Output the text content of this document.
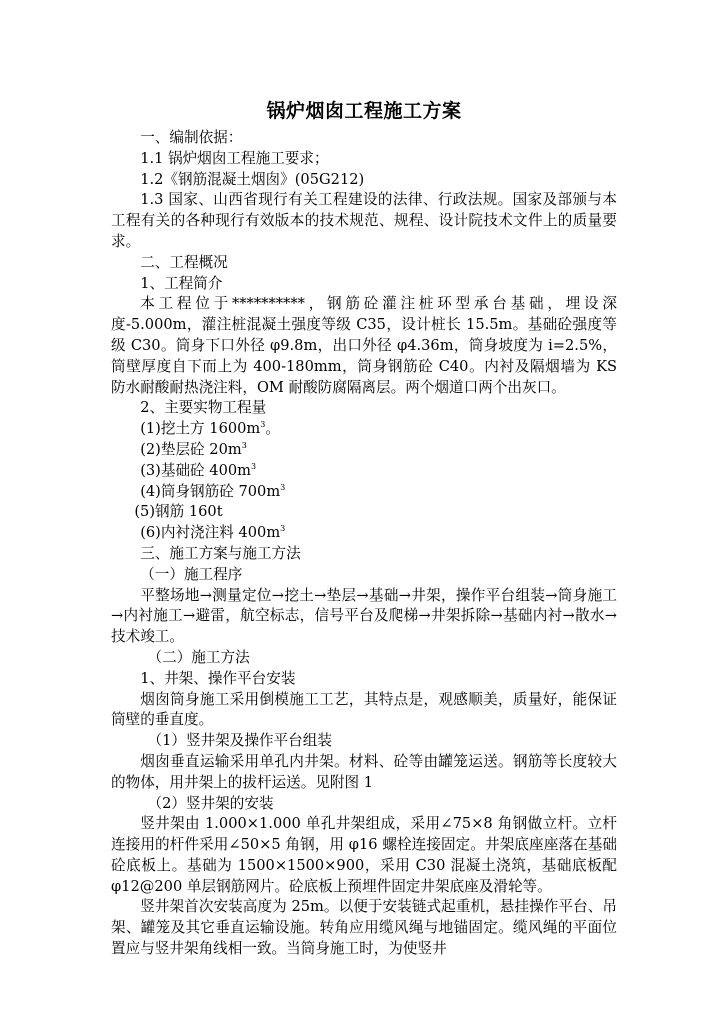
锅炉烟囱工程施工方案

一、编制依据：

1.1 锅炉烟囱工程施工要求；

1.2《钢筋混凝土烟囱》(05G212)

1.3 国家、山西省现行有关工程建设的法律、行政法规。国家及部颁与本工程有关的各种现行有效版本的技术规范、规程、设计院技术文件上的质量要求。

二、工程概况

1、工程简介

本工程位于**********，钢筋砼灌注桩环型承台基础，埋设深度-5.000m，灌注桩混凝土强度等级 C35，设计桩长 15.5m。基础砼强度等级 C30。筒身下口外径 φ9.8m，出口外径 φ4.36m，筒身坡度为 i=2.5%，筒壁厚度自下而上为 400-180mm，筒身钢筋砼 C40。内衬及隔烟墙为 KS 防水耐酸耐热浇注料，OM 耐酸防腐隔离层。两个烟道口两个出灰口。

2、主要实物工程量

(1)挖土方 $1600m^3$。

(2)垫层砼 $20m^3$

(3)基础砼 $400m^3$

(4)筒身钢筋砼 $700m^3$

(5)钢筋 160t

(6)内衬浇注料 $400m^3$

三、施工方案与施工方法

（一）施工程序

平整场地→测量定位→挖土→垫层→基础→井架，操作平台组装→筒身施工→内衬施工→避雷，航空标志，信号平台及爬梯→井架拆除→基础内衬→散水→技术竣工。

（二）施工方法

1、井架、操作平台安装

烟囱筒身施工采用倒模施工工艺，其特点是，观感顺美，质量好，能保证筒壁的垂直度。

（1）竖井架及操作平台组装

烟囱垂直运输采用单孔内井架。材料、砼等由罐笼运送。钢筋等长度较大的物体，用井架上的拔杆运送。见附图 1

（2）竖井架的安装

竖井架由 1.000×1.000 单孔井架组成，采用∠75×8 角钢做立杆。立杆连接用的杆件采用∠50×5 角钢，用 φ16 螺栓连接固定。井架底座座落在基础砼底板上。基础为 1500×1500×900，采用 C30 混凝土浇筑，基础底板配 φ12@200 单层钢筋网片。砼底板上预埋件固定井架底座及滑轮等。

竖井架首次安装高度为 25m。以便于安装链式起重机，悬挂操作平台、吊架、罐笼及其它垂直运输设施。转角应用缆风绳与地锚固定。缆风绳的平面位置应与竖井架角线相一致。当筒身施工时，为使竖井
